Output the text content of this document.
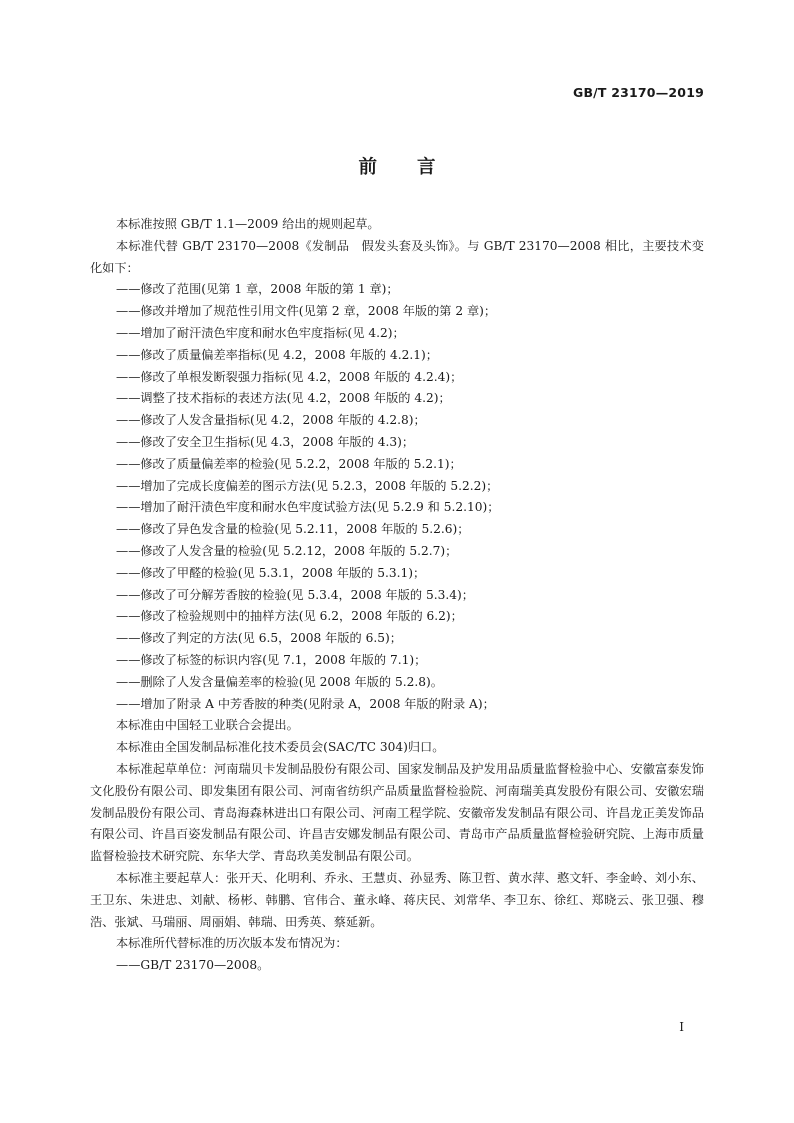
GB/T 23170—2019
前言

本标准按照 GB/T 1.1—2009 给出的规则起草。

本标准代替 GB/T 23170—2008《发制品　假发头套及头饰》。与 GB/T 23170—2008 相比，主要技术变化如下：

——修改了范围(见第 1 章，2008 年版的第 1 章)；

——修改并增加了规范性引用文件(见第 2 章，2008 年版的第 2 章)；

——增加了耐汗渍色牢度和耐水色牢度指标(见 4.2)；

——修改了质量偏差率指标(见 4.2，2008 年版的 4.2.1)；

——修改了单根发断裂强力指标(见 4.2，2008 年版的 4.2.4)；

——调整了技术指标的表述方法(见 4.2，2008 年版的 4.2)；

——修改了人发含量指标(见 4.2，2008 年版的 4.2.8)；

——修改了安全卫生指标(见 4.3，2008 年版的 4.3)；

——修改了质量偏差率的检验(见 5.2.2，2008 年版的 5.2.1)；

——增加了完成长度偏差的图示方法(见 5.2.3，2008 年版的 5.2.2)；

——增加了耐汗渍色牢度和耐水色牢度试验方法(见 5.2.9 和 5.2.10)；

——修改了异色发含量的检验(见 5.2.11，2008 年版的 5.2.6)；

——修改了人发含量的检验(见 5.2.12，2008 年版的 5.2.7)；

——修改了甲醛的检验(见 5.3.1，2008 年版的 5.3.1)；

——修改了可分解芳香胺的检验(见 5.3.4，2008 年版的 5.3.4)；

——修改了检验规则中的抽样方法(见 6.2，2008 年版的 6.2)；

——修改了判定的方法(见 6.5，2008 年版的 6.5)；

——修改了标签的标识内容(见 7.1，2008 年版的 7.1)；

——删除了人发含量偏差率的检验(见 2008 年版的 5.2.8)。

——增加了附录 A 中芳香胺的种类(见附录 A，2008 年版的附录 A)；

本标准由中国轻工业联合会提出。

本标准由全国发制品标准化技术委员会(SAC/TC 304)归口。

本标准起草单位：河南瑞贝卡发制品股份有限公司、国家发制品及护发用品质量监督检验中心、安徽富泰发饰文化股份有限公司、即发集团有限公司、河南省纺织产品质量监督检验院、河南瑞美真发股份有限公司、安徽宏瑞发制品股份有限公司、青岛海森林进出口有限公司、河南工程学院、安徽帝发发制品有限公司、许昌龙正美发饰品有限公司、许昌百姿发制品有限公司、许昌吉安娜发制品有限公司、青岛市产品质量监督检验研究院、上海市质量监督检验技术研究院、东华大学、青岛玖美发制品有限公司。

本标准主要起草人：张开天、化明利、乔永、王慧贞、孙显秀、陈卫哲、黄水萍、憨文轩、李金岭、刘小东、王卫东、朱进忠、刘献、杨彬、韩鹏、官伟合、董永峰、蒋庆民、刘常华、李卫东、徐红、郑晓云、张卫强、穆浩、张斌、马瑞丽、周丽娟、韩瑞、田秀英、蔡延新。

本标准所代替标准的历次版本发布情况为：

——GB/T 23170—2008。

I
